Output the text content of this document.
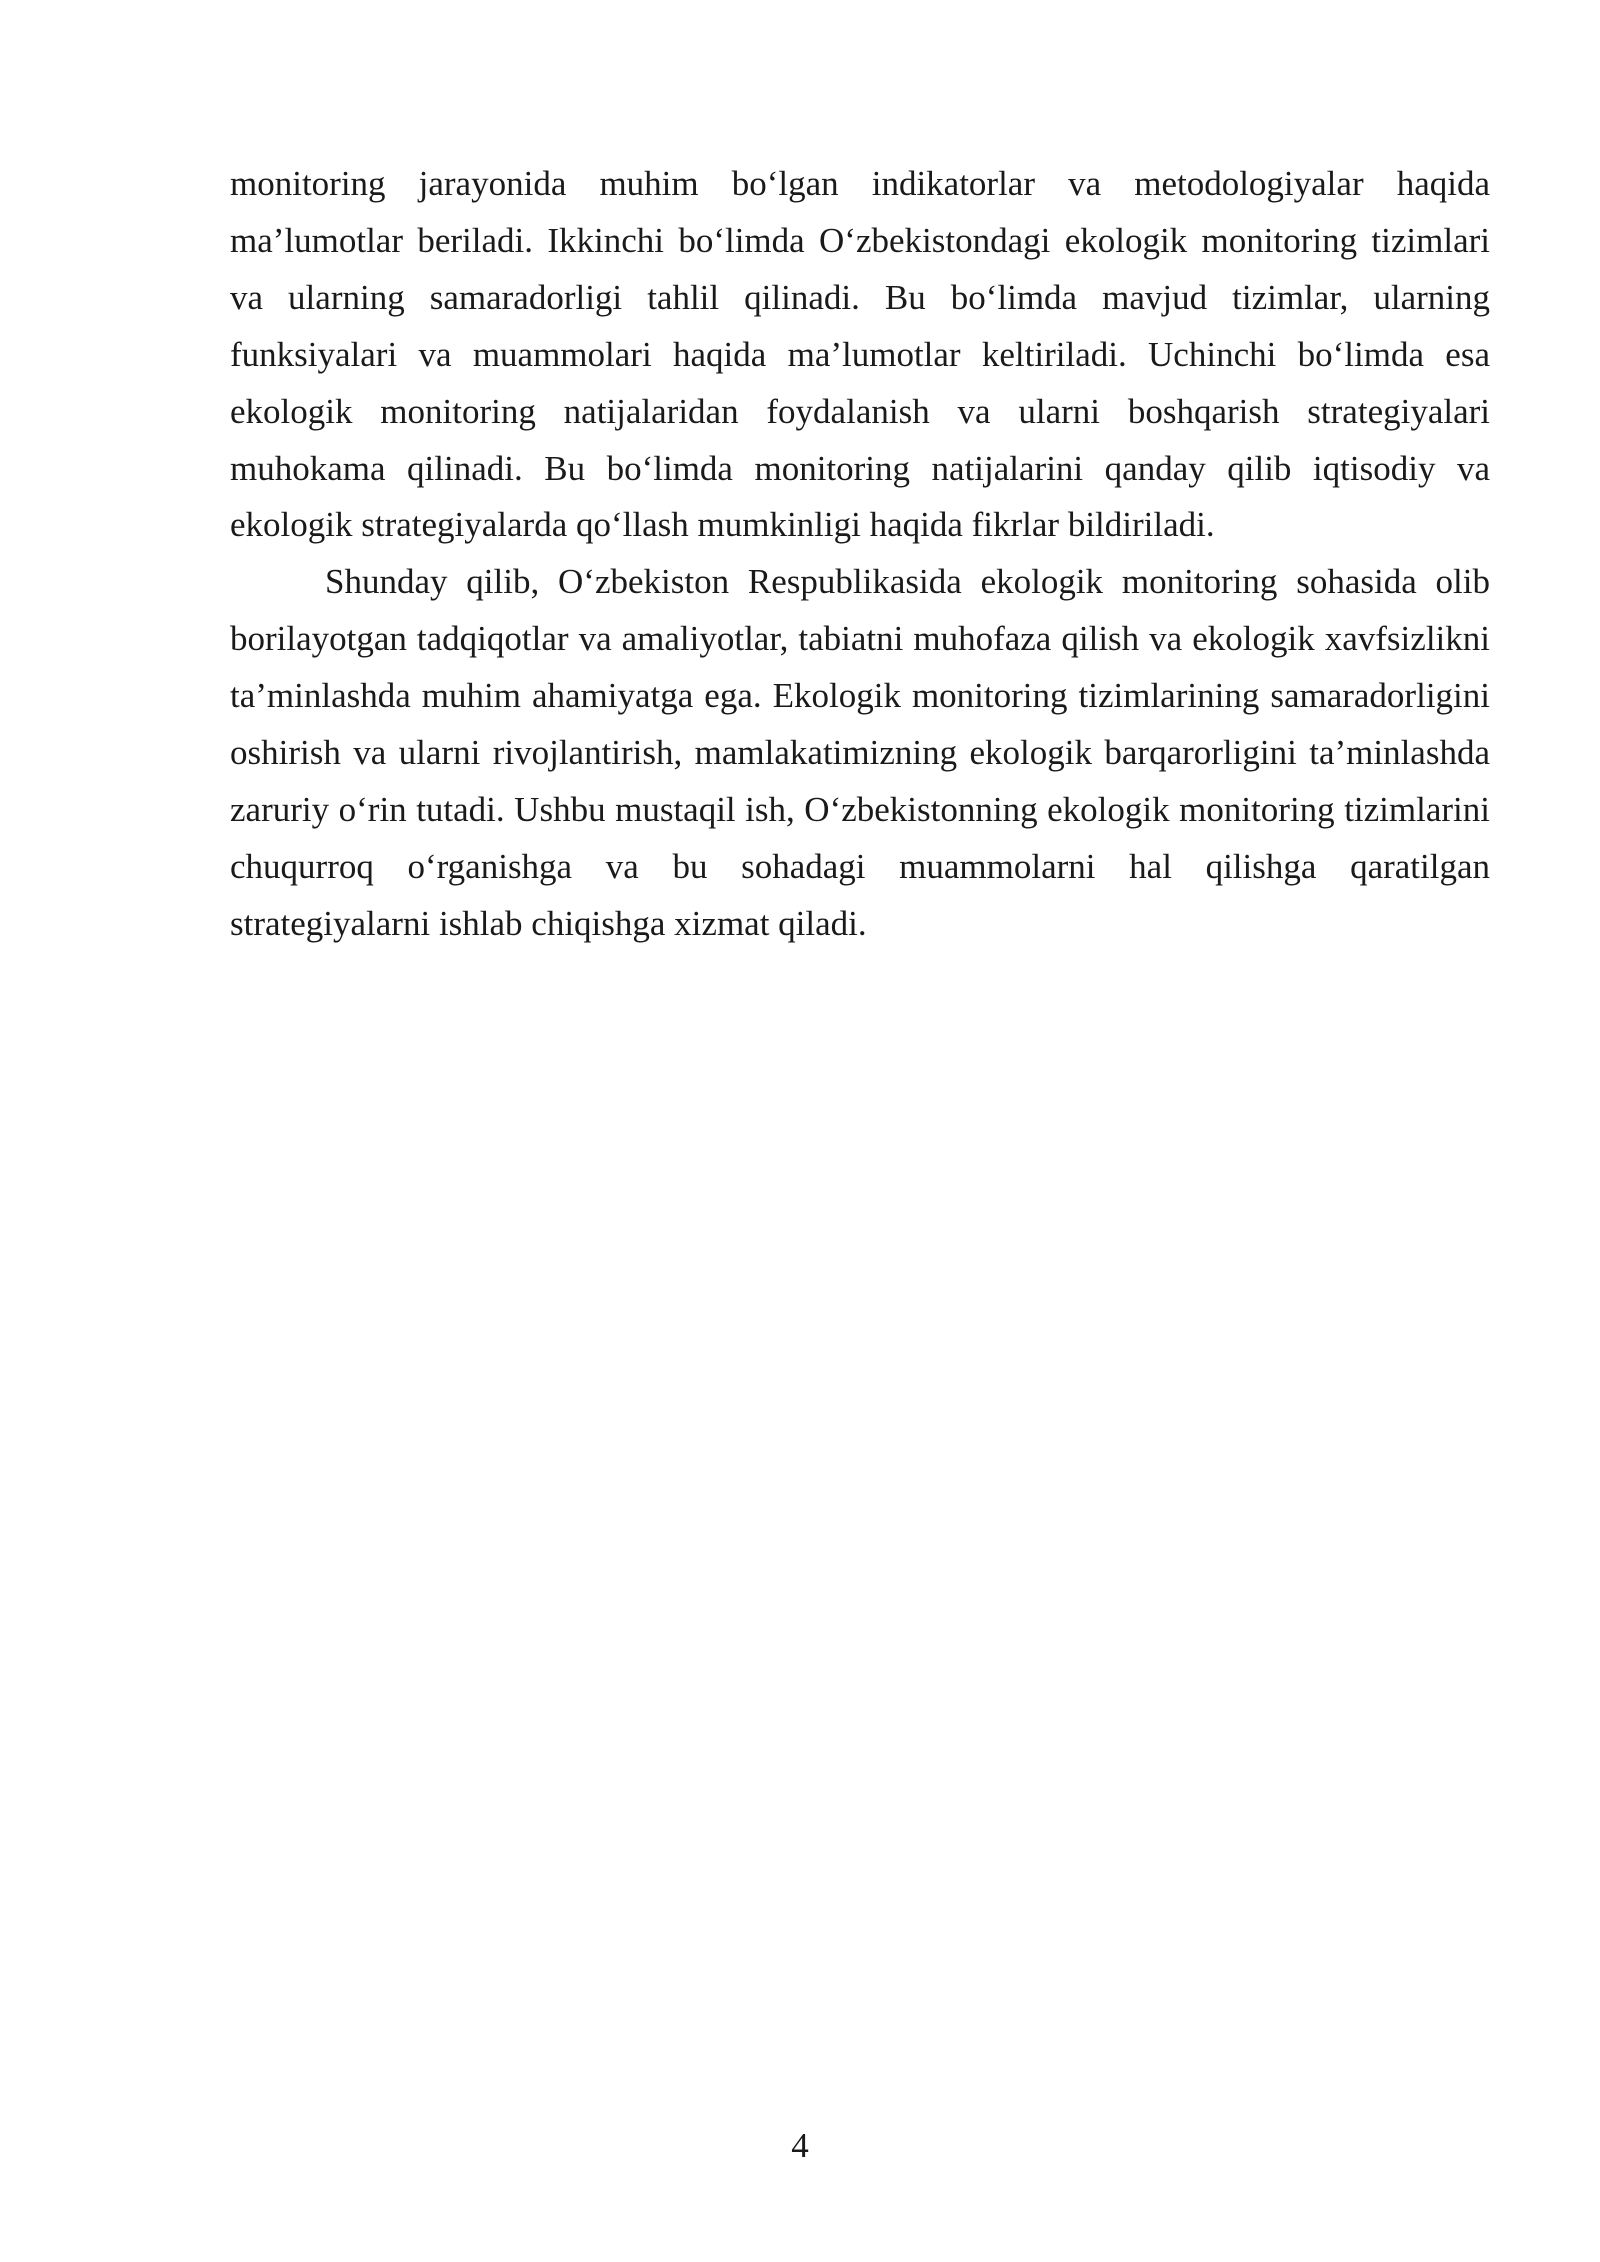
monitoring jarayonida muhim bo‘lgan indikatorlar va metodologiyalar haqida ma’lumotlar beriladi. Ikkinchi bo‘limda O‘zbekistondagi ekologik monitoring tizimlari va ularning samaradorligi tahlil qilinadi. Bu bo‘limda mavjud tizimlar, ularning funksiyalari va muammolari haqida ma’lumotlar keltiriladi. Uchinchi bo‘limda esa ekologik monitoring natijalaridan foydalanish va ularni boshqarish strategiyalari muhokama qilinadi. Bu bo‘limda monitoring natijalarini qanday qilib iqtisodiy va ekologik strategiyalarda qo‘llash mumkinligi haqida fikrlar bildiriladi.

Shunday qilib, O‘zbekiston Respublikasida ekologik monitoring sohasida olib borilayotgan tadqiqotlar va amaliyotlar, tabiatni muhofaza qilish va ekologik xavfsizlikni ta’minlashda muhim ahamiyatga ega. Ekologik monitoring tizimlarining samaradorligini oshirish va ularni rivojlantirish, mamlakatimizning ekologik barqarorligini ta’minlashda zaruriy o‘rin tutadi. Ushbu mustaqil ish, O‘zbekistonning ekologik monitoring tizimlarini chuqurroq o‘rganishga va bu sohadagi muammolarni hal qilishga qaratilgan strategiyalarni ishlab chiqishga xizmat qiladi.

4
